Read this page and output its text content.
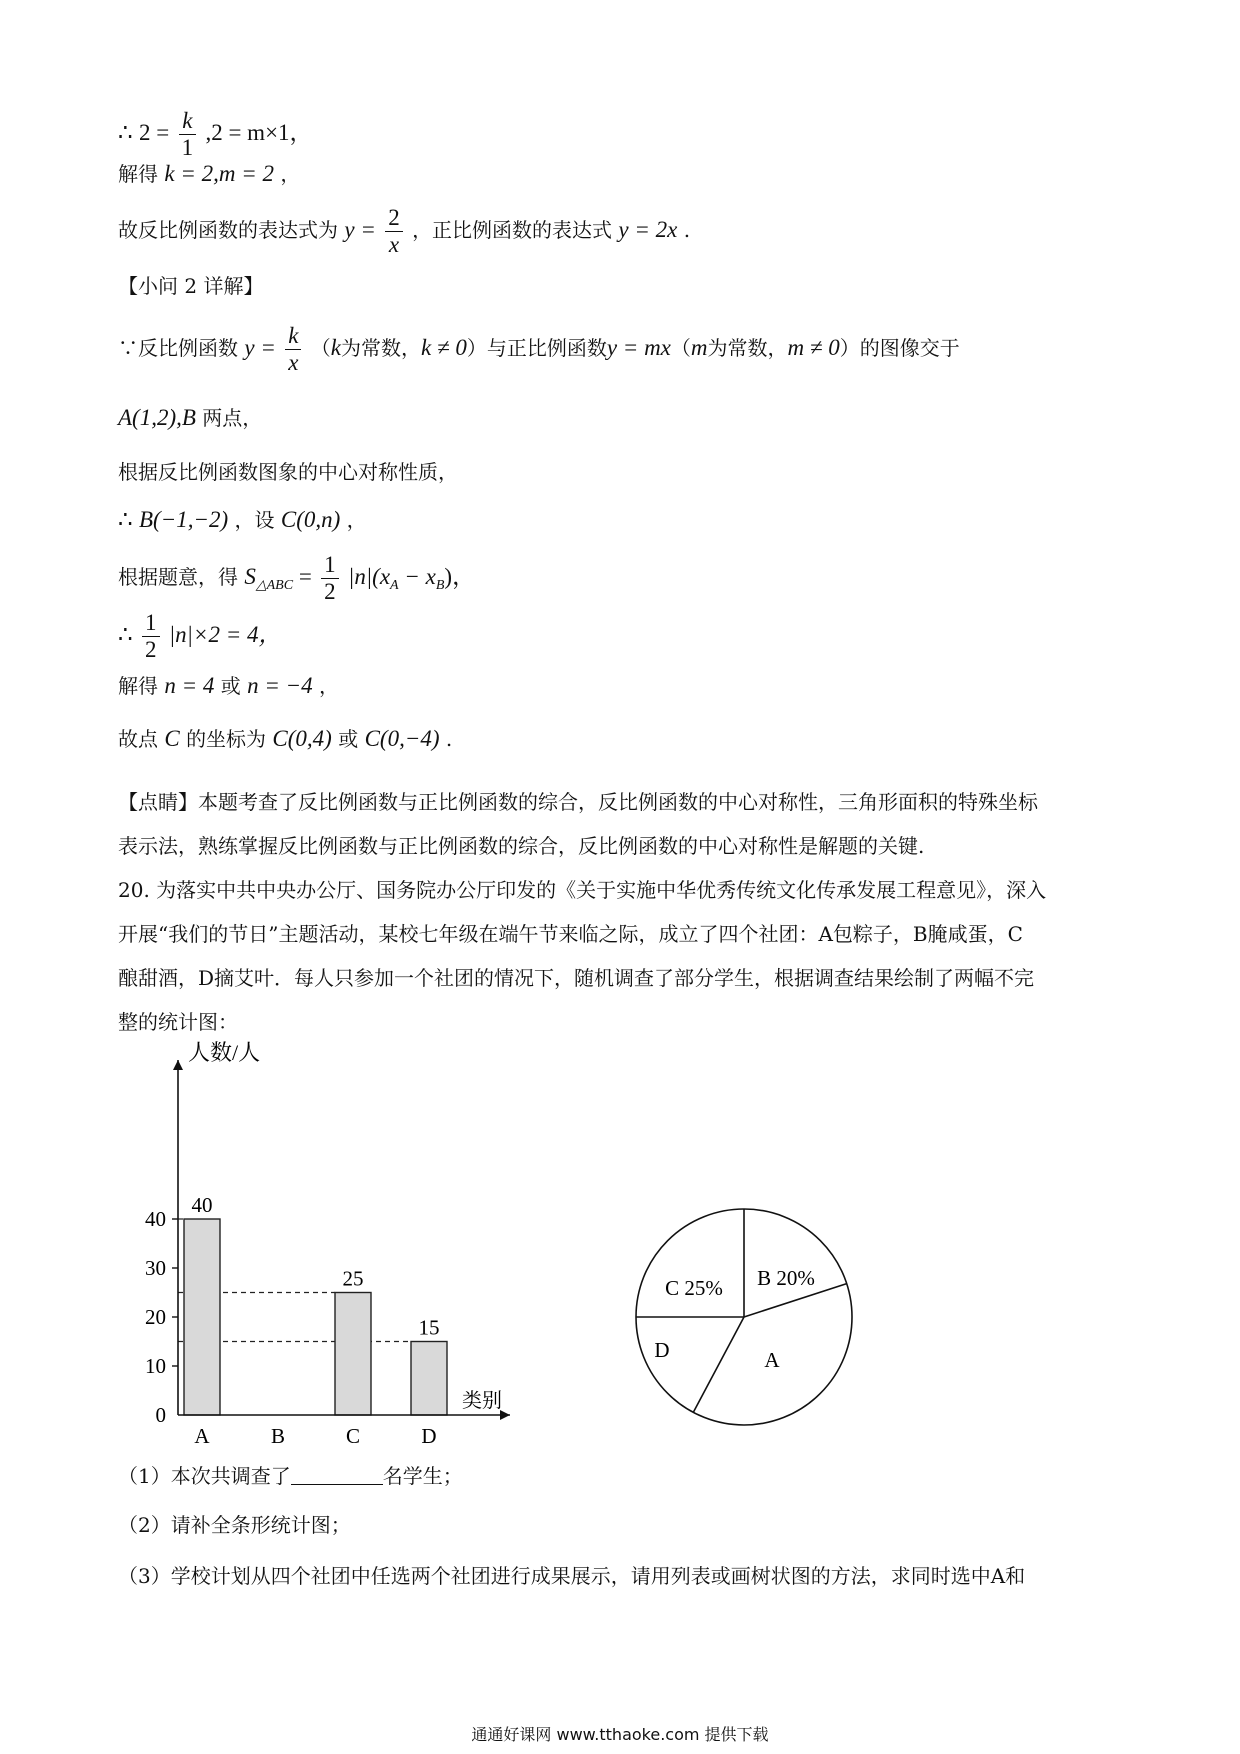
∴ $2 = \frac{k}{1} ,2 = m\times 1$，
解得 k = 2,m = 2 ，
故反比例函数的表达式为 $y = \frac{2}{x}$ ，正比例函数的表达式 y = 2x .
【小问 2 详解】
∵反比例函数 $y = \frac{k}{x} (k$为常数，k ≠ 0）与正比例函数y = mx（m为常数，m ≠ 0）的图像交于
A(1,2),B 两点，
根据反比例函数图象的中心对称性质，
∴ B(−1,−2) ，设 C(0,n) ，
根据题意，得 $S_{\triangle ABC} = \frac{1}{2} |n|(x_A - x_B)$，
∴ $\frac{1}{2} |n|\times 2 = 4$，
解得 n = 4 或 n = −4 ，
故点 C 的坐标为 C(0,4) 或 C(0,−4) .
【点睛】本题考查了反比例函数与正比例函数的综合，反比例函数的中心对称性，三角形面积的特殊坐标
表示法，熟练掌握反比例函数与正比例函数的综合，反比例函数的中心对称性是解题的关键.
20. 为落实中共中央办公厅、国务院办公厅印发的《关于实施中华优秀传统文化传承发展工程意见》，深入
开展“我们的节日”主题活动，某校七年级在端午节来临之际，成立了四个社团：A包粽子，B腌咸蛋，C
酿甜酒，D摘艾叶．每人只参加一个社团的情况下，随机调查了部分学生，根据调查结果绘制了两幅不完
整的统计图：
40
25
15
0
10
20
30
40
A	B	C	D
人数/人
类别
A
B 20%
C 25%
D
（1）本次共调查了	名学生；
（2）请补全条形统计图；
（3）学校计划从四个社团中任选两个社团进行成果展示，请用列表或画树状图的方法，求同时选中A和
通通好课网 www.tthaoke.com 提供下载
